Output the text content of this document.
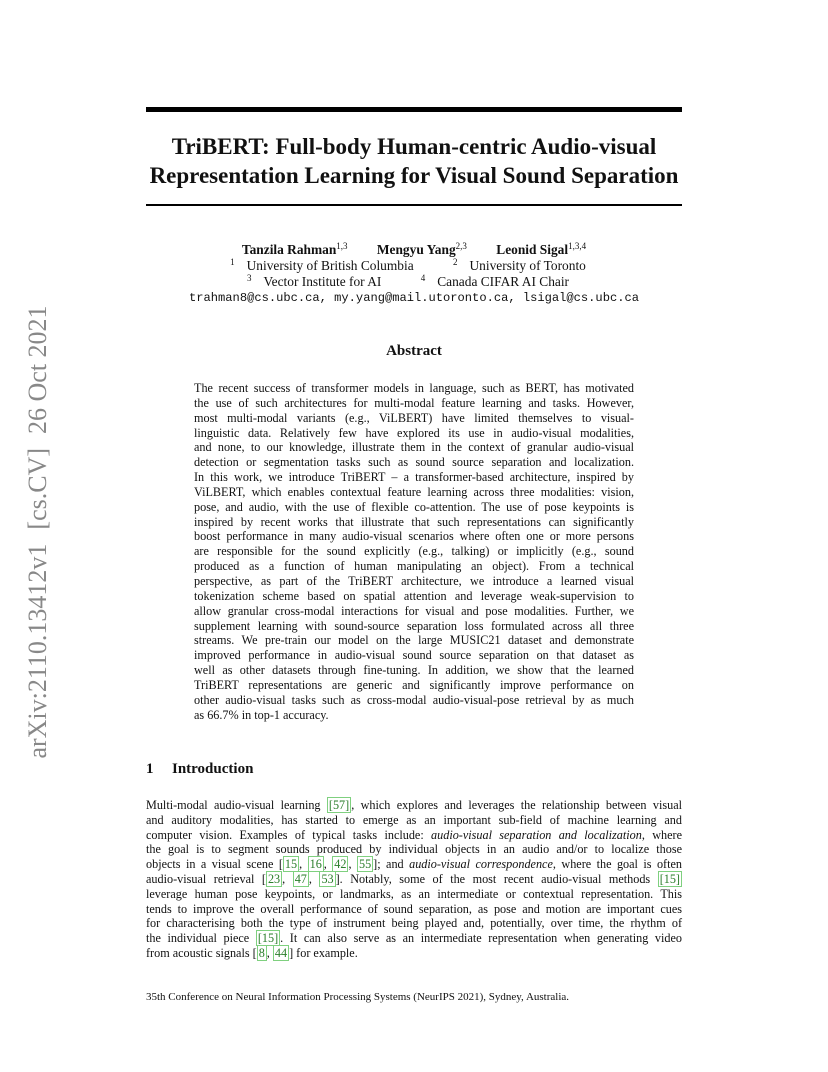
arXiv:2110.13412v1[cs.CV]26 Oct 2021
TriBERT: Full-body Human-centric Audio-visual
Representation Learning for Visual Sound Separation
Tanzila Rahman$^{1,3}$ Mengyu Yang$^{2,3}$ Leonid Sigal$^{1,3,4}$
$^1$ University of British Columbia	$^2$ University of Toronto
$^3$ Vector Institute for AI	$^4$ Canada CIFAR AI Chair
trahman8@cs.ubc.ca, my.yang@mail.utoronto.ca, lsigal@cs.ubc.ca
Abstract
The recent success of transformer models in language, such as BERT, has motivated
the use of such architectures for multi-modal feature learning and tasks. However,
most multi-modal variants (e.g., ViLBERT) have limited themselves to visual-
linguistic data. Relatively few have explored its use in audio-visual modalities,
and none, to our knowledge, illustrate them in the context of granular audio-visual
detection or segmentation tasks such as sound source separation and localization.
In this work, we introduce TriBERT – a transformer-based architecture, inspired by
ViLBERT, which enables contextual feature learning across three modalities: vision,
pose, and audio, with the use of flexible co-attention. The use of pose keypoints is
inspired by recent works that illustrate that such representations can significantly
boost performance in many audio-visual scenarios where often one or more persons
are responsible for the sound explicitly (e.g., talking) or implicitly (e.g., sound
produced as a function of human manipulating an object). From a technical
perspective, as part of the TriBERT architecture, we introduce a learned visual
tokenization scheme based on spatial attention and leverage weak-supervision to
allow granular cross-modal interactions for visual and pose modalities. Further, we
supplement learning with sound-source separation loss formulated across all three
streams. We pre-train our model on the large MUSIC21 dataset and demonstrate
improved performance in audio-visual sound source separation on that dataset as
well as other datasets through fine-tuning. In addition, we show that the learned
TriBERT representations are generic and significantly improve performance on
other audio-visual tasks such as cross-modal audio-visual-pose retrieval by as much
as 66.7% in top-1 accuracy.
1 Introduction
Multi-modal audio-visual learning [57] , which explores and leverages the relationship between visual
and auditory modalities, has started to emerge as an important sub-field of machine learning and
computer vision. Examples of typical tasks include: audio-visual separation and localization, where
the goal is to segment sounds produced by individual objects in an audio and/or to localize those
objects in a visual scene [ 15 , 16 , 42 , 55 ]; and audio-visual correspondence, where the goal is often
audio-visual retrieval [ 23 , 47 , 53 ]. Notably, some of the most recent audio-visual methods [15]
leverage human pose keypoints, or landmarks, as an intermediate or contextual representation. This
tends to improve the overall performance of sound separation, as pose and motion are important cues
for characterising both the type of instrument being played and, potentially, over time, the rhythm of
the individual piece [15] . It can also serve as an intermediate representation when generating video
from acoustic signals [ 8 , 44 ] for example.
35th Conference on Neural Information Processing Systems (NeurIPS 2021), Sydney, Australia.
